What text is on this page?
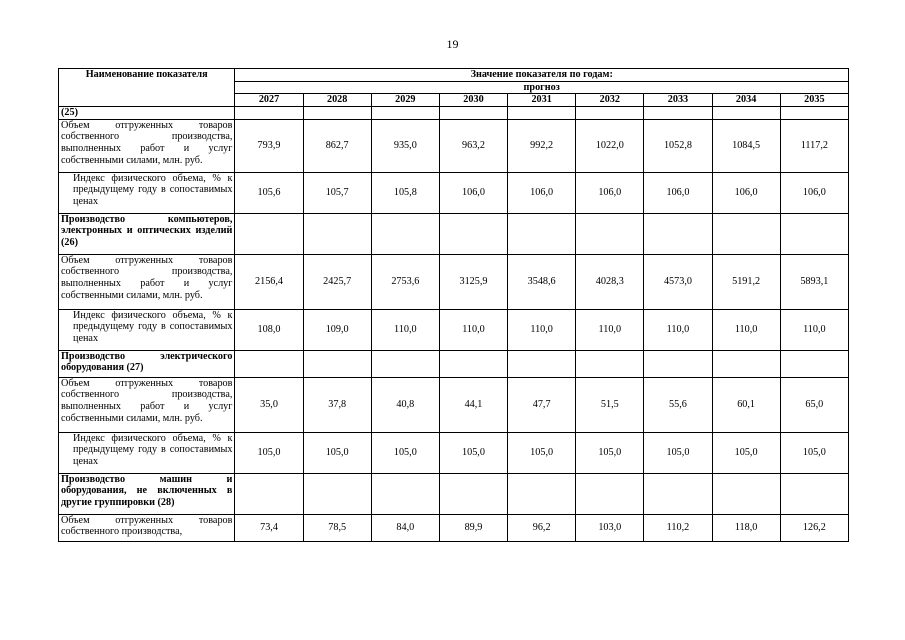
19
Наименование показателя	Значение показателя по годам:								
	прогноз								
	2027	2028	2029	2030	2031	2032	2033	2034	2035
(25)									
Объем отгруженных товаров собственного производства, выполненных работ и услуг собственными силами, млн. руб.	793,9	862,7	935,0	963,2	992,2	1022,0	1052,8	1084,5	1117,2
Индекс физического объема, % к предыдущему году в сопоставимых ценах	105,6	105,7	105,8	106,0	106,0	106,0	106,0	106,0	106,0
Производство компьютеров, электронных и оптических изделий (26)									
Объем отгруженных товаров собственного производства, выполненных работ и услуг собственными силами, млн. руб.	2156,4	2425,7	2753,6	3125,9	3548,6	4028,3	4573,0	5191,2	5893,1
Индекс физического объема, % к предыдущему году в сопоставимых ценах	108,0	109,0	110,0	110,0	110,0	110,0	110,0	110,0	110,0
Производство электрического оборудования (27)									
Объем отгруженных товаров собственного производства, выполненных работ и услуг собственными силами, млн. руб.	35,0	37,8	40,8	44,1	47,7	51,5	55,6	60,1	65,0
Индекс физического объема, % к предыдущему году в сопоставимых ценах	105,0	105,0	105,0	105,0	105,0	105,0	105,0	105,0	105,0
Производство машин и оборудования, не включенных в другие группировки (28)									
Объем отгруженных товаров собственного производства,	73,4	78,5	84,0	89,9	96,2	103,0	110,2	118,0	126,2
